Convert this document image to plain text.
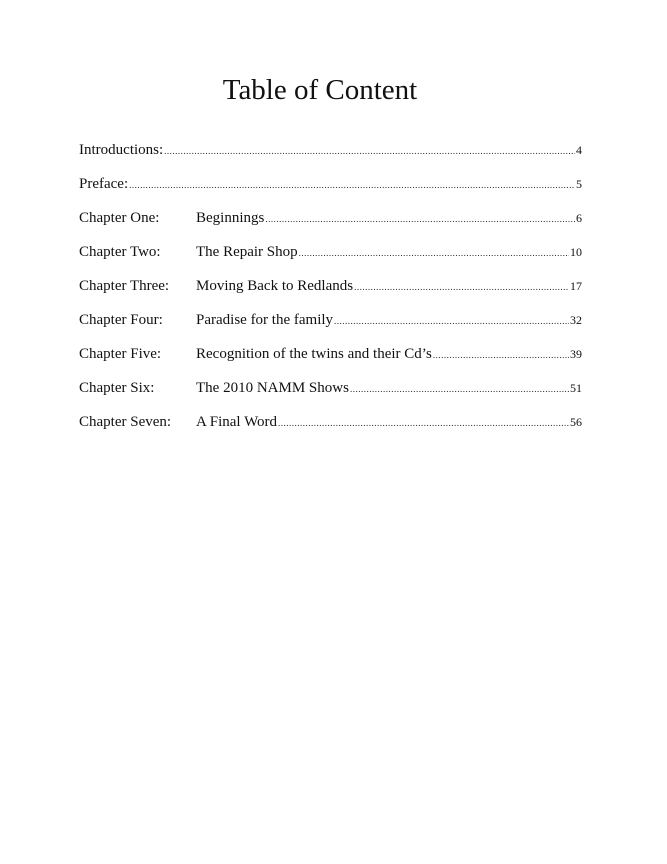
Table of Content
Introductions: .....	4
Preface: .....	5
Chapter One:	Beginnings .....	6
Chapter Two:	The Repair Shop .....	10
Chapter Three:	Moving Back to Redlands .....	17
Chapter Four:	Paradise for the family .....	32
Chapter Five:	Recognition of the twins and their Cd’s .....	39
Chapter Six:	The 2010 NAMM Shows .....	51
Chapter Seven:	A Final Word .....	56
